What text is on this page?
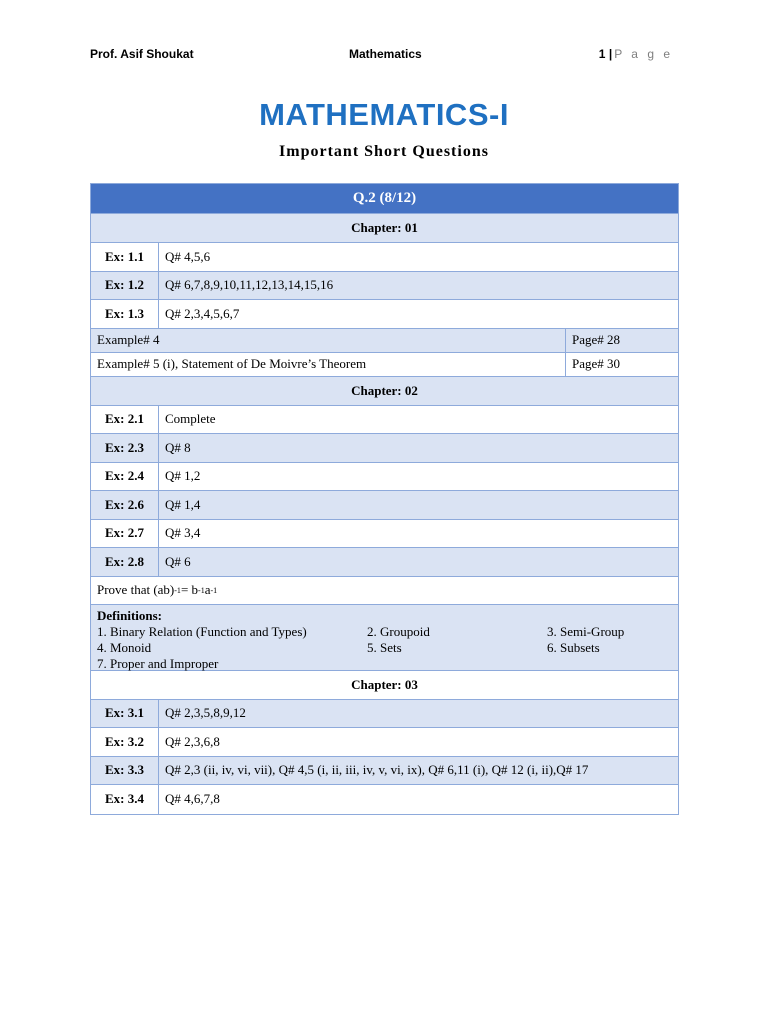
Prof. Asif Shoukat	Mathematics	1 | P a g e
MATHEMATICS-I
Important Short Questions
Q.2 (8/12)
Chapter: 01
Ex: 1.1	Q# 4,5,6
Ex: 1.2	Q# 6,7,8,9,10,11,12,13,14,15,16
Ex: 1.3	Q# 2,3,4,5,6,7
Example# 4	Page# 28
Example# 5 (i), Statement of De Moivre’s Theorem	Page# 30
Chapter: 02
Ex: 2.1	Complete
Ex: 2.3	Q# 8
Ex: 2.4	Q# 1,2
Ex: 2.6	Q# 1,4
Ex: 2.7	Q# 3,4
Ex: 2.8	Q# 6
Prove that (ab) -1 = b -1 a -1
Definitions:
1. Binary Relation (Function and Types)	2. Groupoid	3. Semi-Group
4. Monoid	5. Sets	6. Subsets
7. Proper and Improper
Chapter: 03
Ex: 3.1	Q# 2,3,5,8,9,12
Ex: 3.2	Q# 2,3,6,8
Ex: 3.3	Q# 2,3 (ii, iv, vi, vii), Q# 4,5 (i, ii, iii, iv, v, vi, ix), Q# 6,11 (i), Q# 12 (i, ii),Q# 17
Ex: 3.4	Q# 4,6,7,8
